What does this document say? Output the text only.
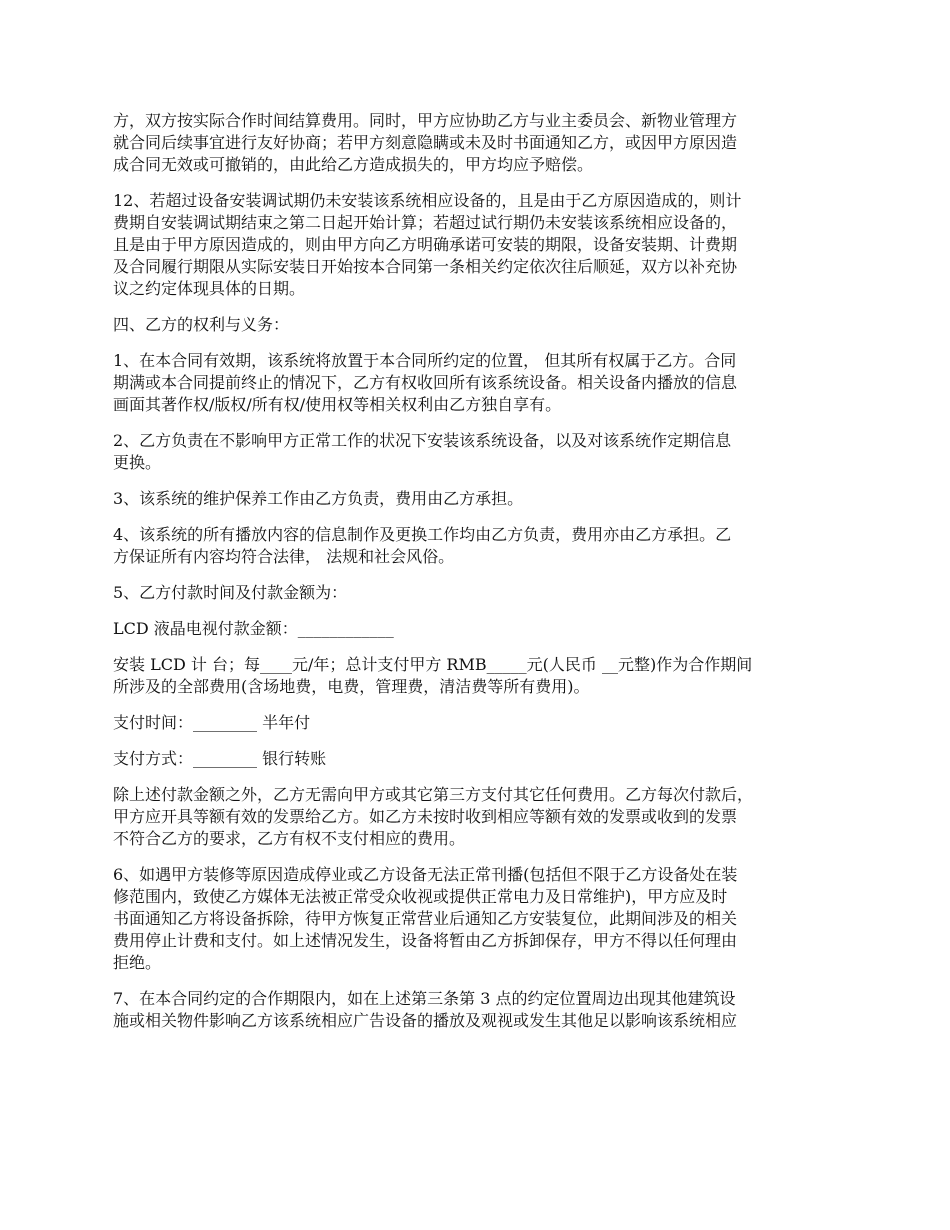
方，双方按实际合作时间结算费用。同时，甲方应协助乙方与业主委员会、新物业管理方
就合同后续事宜进行友好协商；若甲方刻意隐瞒或未及时书面通知乙方，或因甲方原因造
成合同无效或可撤销的，由此给乙方造成损失的，甲方均应予赔偿。

12、若超过设备安装调试期仍未安装该系统相应设备的，且是由于乙方原因造成的，则计
费期自安装调试期结束之第二日起开始计算；若超过试行期仍未安装该系统相应设备的，
且是由于甲方原因造成的，则由甲方向乙方明确承诺可安装的期限，设备安装期、计费期
及合同履行期限从实际安装日开始按本合同第一条相关约定依次往后顺延，双方以补充协
议之约定体现具体的日期。

四、乙方的权利与义务：

1、在本合同有效期，该系统将放置于本合同所约定的位置， 但其所有权属于乙方。合同
期满或本合同提前终止的情况下，乙方有权收回所有该系统设备。相关设备内播放的信息
画面其著作权/版权/所有权/使用权等相关权利由乙方独自享有。

2、乙方负责在不影响甲方正常工作的状况下安装该系统设备，以及对该系统作定期信息
更换。

3、该系统的维护保养工作由乙方负责，费用由乙方承担。

4、该系统的所有播放内容的信息制作及更换工作均由乙方负责，费用亦由乙方承担。乙
方保证所有内容均符合法律， 法规和社会风俗。

5、乙方付款时间及付款金额为：

LCD 液晶电视付款金额：____________

安装 LCD 计 台；每____元/年；总计支付甲方 RMB_____元(人民币 __元整)作为合作期间
所涉及的全部费用(含场地费，电费，管理费，清洁费等所有费用)。

支付时间：________ 半年付

支付方式：________ 银行转账

除上述付款金额之外，乙方无需向甲方或其它第三方支付其它任何费用。乙方每次付款后，
甲方应开具等额有效的发票给乙方。如乙方未按时收到相应等额有效的发票或收到的发票
不符合乙方的要求，乙方有权不支付相应的费用。

6、如遇甲方装修等原因造成停业或乙方设备无法正常刊播(包括但不限于乙方设备处在装
修范围内，致使乙方媒体无法被正常受众收视或提供正常电力及日常维护)，甲方应及时
书面通知乙方将设备拆除，待甲方恢复正常营业后通知乙方安装复位，此期间涉及的相关
费用停止计费和支付。如上述情况发生，设备将暂由乙方拆卸保存，甲方不得以任何理由
拒绝。

7、在本合同约定的合作期限内，如在上述第三条第 3 点的约定位置周边出现其他建筑设
施或相关物件影响乙方该系统相应广告设备的播放及观视或发生其他足以影响该系统相应
